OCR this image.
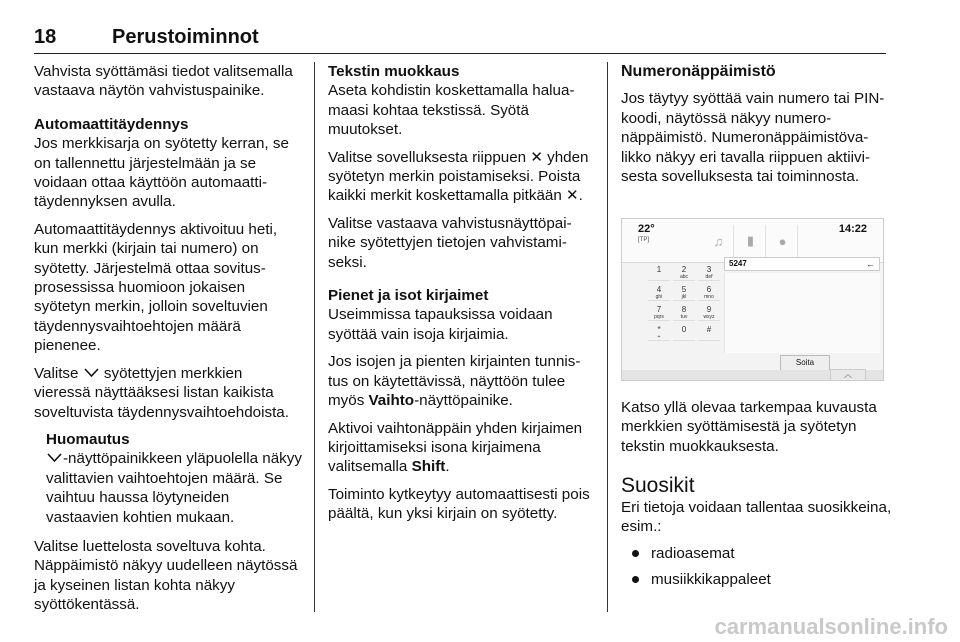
18	Perustoiminnot

Vahvista syöttämäsi tiedot valitsemalla vastaava näytön vahvistuspainike.

Automaattitäydennys

Jos merkkisarja on syötetty kerran, se on tallennettu järjestelmään ja se voidaan ottaa käyttöön automaattitäydennyksen avulla.

Automaattitäydennys aktivoituu heti, kun merkki (kirjain tai numero) on syötetty. Järjestelmä ottaa sovitusprosessissa huomioon jokaisen syötetyn merkin, jolloin soveltuvien täydennysvaihtoehtojen määrä pienenee.

Valitse  syötettyjen merkkien vieressä näyttääksesi listan kaikista soveltuvista täydennysvaihtoehdoista.

Huomautus
-näyttöpainikkeen yläpuolella näkyy valittavien vaihtoehtojen määrä. Se vaihtuu haussa löytyneiden vastaavien kohtien mukaan.

Valitse luettelosta soveltuva kohta. Näppäimistö näkyy uudelleen näytössä ja kyseinen listan kohta näkyy syöttökentässä.

Tekstin muokkaus

Aseta kohdistin koskettamalla haluamaasi kohtaa tekstissä. Syötä muutokset.

Valitse sovelluksesta riippuen ✕ yhden syötetyn merkin poistamiseksi. Poista kaikki merkit koskettamalla pitkään ✕.

Valitse vastaava vahvistusnäyttöpainike syötettyjen tietojen vahvistamiseksi.

Pienet ja isot kirjaimet

Useimmissa tapauksissa voidaan syöttää vain isoja kirjaimia.

Jos isojen ja pienten kirjainten tunnistus on käytettävissä, näyttöön tulee myös Vaihto-näyttöpainike.

Aktivoi vaihtonäppäin yhden kirjaimen kirjoittamiseksi isona kirjaimena valitsemalla Shift.

Toiminto kytkeytyy automaattisesti pois päältä, kun yksi kirjain on syötetty.

Numeronäppäimistö

Jos täytyy syöttää vain numero tai PIN-koodi, näytössä näkyy numeronäppäimistö. Numeronäppäimistövalikko näkyy eri tavalla riippuen aktiivisesta sovelluksesta tai toiminnosta.

22°
[TP]	♫	▮	●
14:22
1	2
abc
3
def
4
ghi
5
jkl
6
mno
7
pqrs
8
tuv
9
wxyz
*
+
0	#
5247	←
Soita
︿

Katso yllä olevaa tarkempaa kuvausta merkkien syöttämisestä ja syötetyn tekstin muokkauksesta.

Suosikit

Eri tietoja voidaan tallentaa suosikkeina, esim.:

radioasemat
musiikkikappaleet
carmanualsonline.info
